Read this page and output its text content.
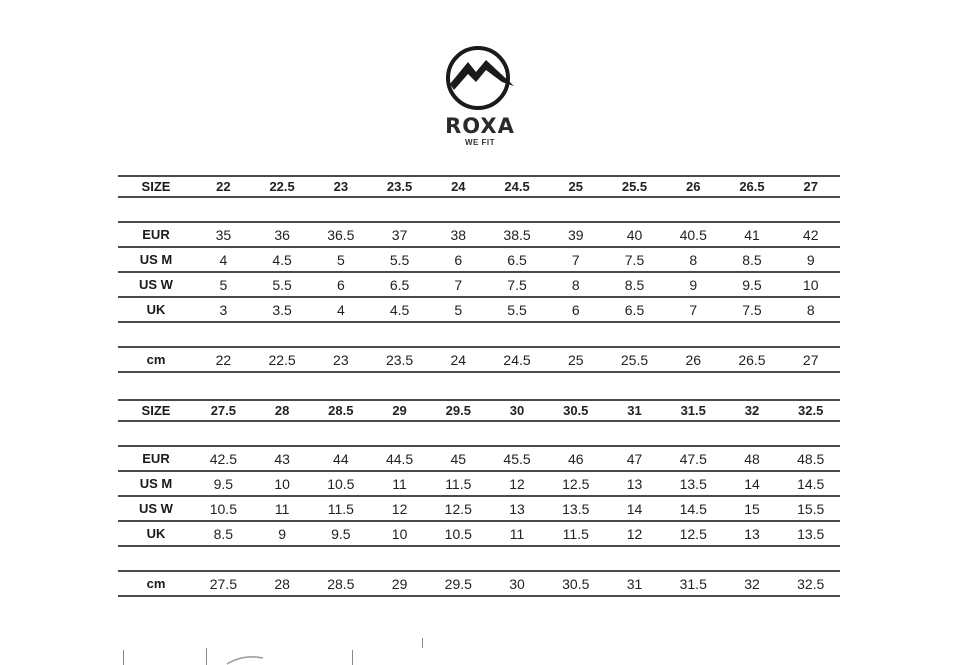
ROXA
WE FIT
SIZE	22	22.5	23	23.5	24	24.5	25	25.5	26	26.5	27
EUR	35	36	36.5	37	38	38.5	39	40	40.5	41	42
US M	4	4.5	5	5.5	6	6.5	7	7.5	8	8.5	9
US W	5	5.5	6	6.5	7	7.5	8	8.5	9	9.5	10
UK	3	3.5	4	4.5	5	5.5	6	6.5	7	7.5	8
cm	22	22.5	23	23.5	24	24.5	25	25.5	26	26.5	27
SIZE	27.5	28	28.5	29	29.5	30	30.5	31	31.5	32	32.5
EUR	42.5	43	44	44.5	45	45.5	46	47	47.5	48	48.5
US M	9.5	10	10.5	11	11.5	12	12.5	13	13.5	14	14.5
US W	10.5	11	11.5	12	12.5	13	13.5	14	14.5	15	15.5
UK	8.5	9	9.5	10	10.5	11	11.5	12	12.5	13	13.5
cm	27.5	28	28.5	29	29.5	30	30.5	31	31.5	32	32.5
